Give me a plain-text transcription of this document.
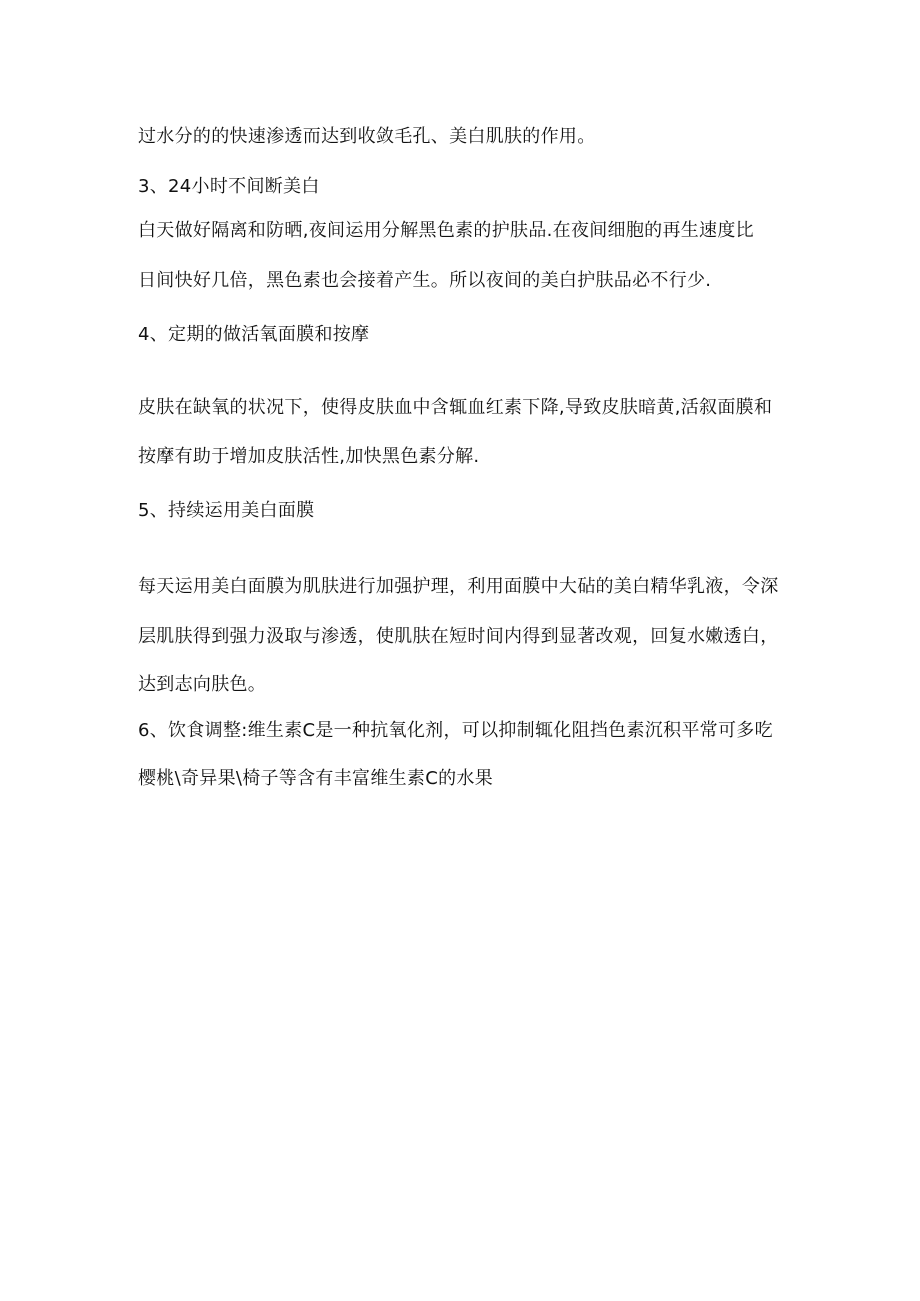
过水分的的快速渗透而达到收敛毛孔、美白肌肤的作用。
3、24小时不间断美白
白天做好隔离和防晒,夜间运用分解黑色素的护肤品.在夜间细胞的再生速度比
日间快好几倍，黑色素也会接着产生。所以夜间的美白护肤品必不行少.
4、定期的做活氧面膜和按摩
皮肤在缺氧的状况下，使得皮肤血中含辄血红素下降,导致皮肤暗黄,活叙面膜和
按摩有助于增加皮肤活性,加快黑色素分解.
5、持续运用美白面膜
每天运用美白面膜为肌肤进行加强护理，利用面膜中大砧的美白精华乳液，令深
层肌肤得到强力汲取与渗透，使肌肤在短时间内得到显著改观，回复水嫩透白，
达到志向肤色。
6、饮食调整:维生素C是一种抗氧化剂，可以抑制辄化阻挡色素沉积平常可多吃
樱桃\奇异果\椅子等含有丰富维生素C的水果
